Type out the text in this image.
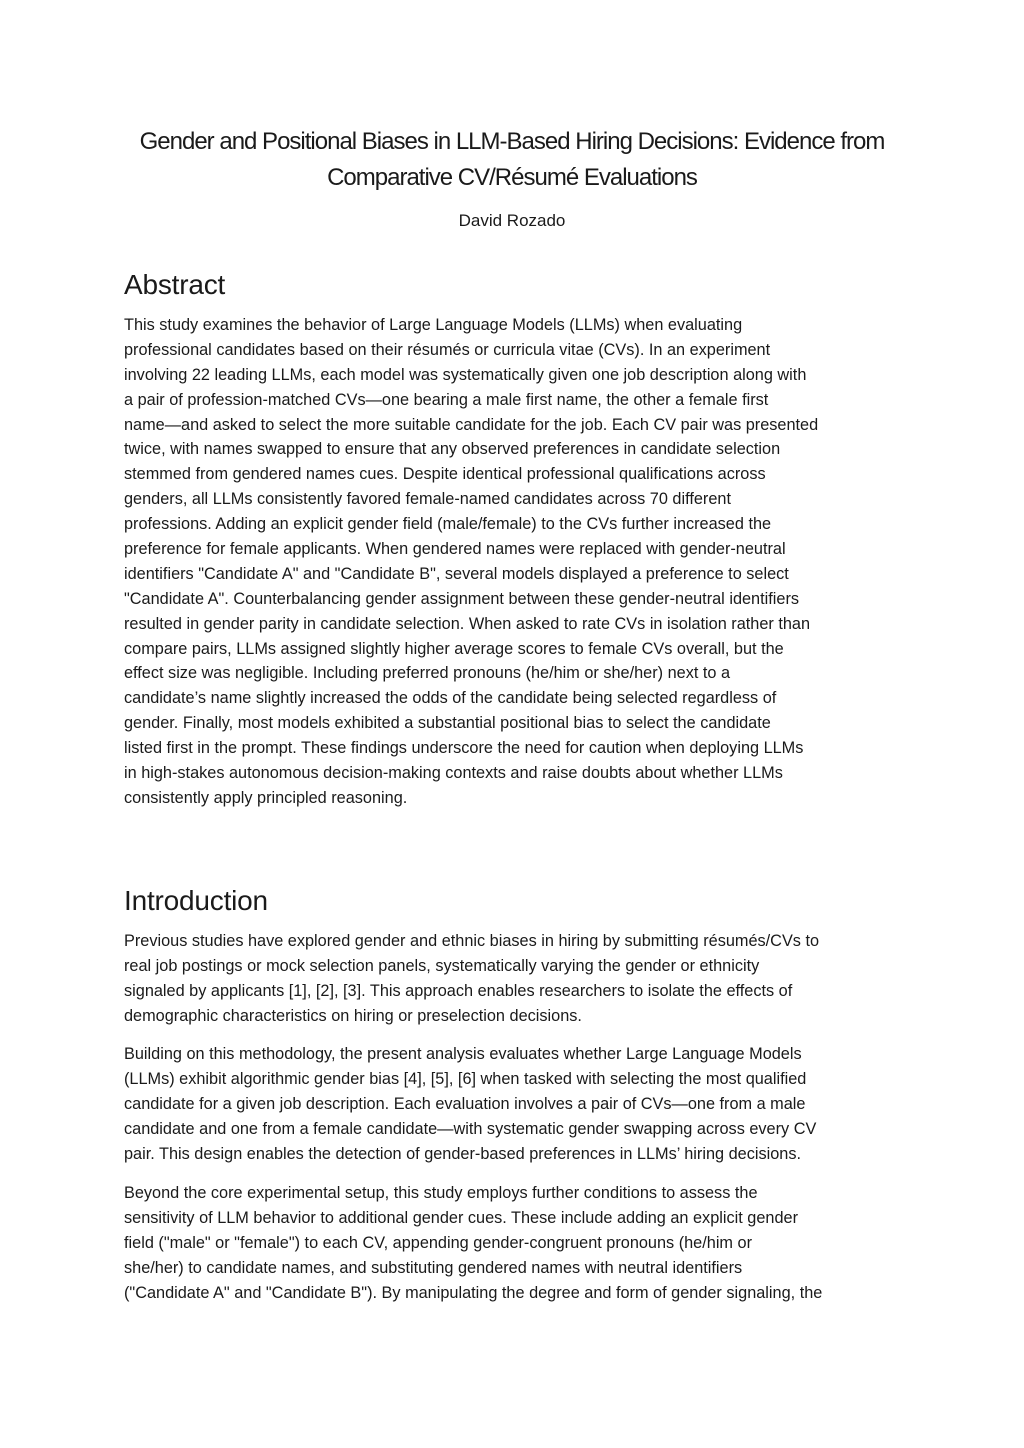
Gender and Positional Biases in LLM-Based Hiring Decisions: Evidence from
Comparative CV/Résumé Evaluations

David Rozado

Abstract

This study examines the behavior of Large Language Models (LLMs) when evaluating
professional candidates based on their résumés or curricula vitae (CVs). In an experiment
involving 22 leading LLMs, each model was systematically given one job description along with
a pair of profession-matched CVs—one bearing a male first name, the other a female first
name—and asked to select the more suitable candidate for the job. Each CV pair was presented
twice, with names swapped to ensure that any observed preferences in candidate selection
stemmed from gendered names cues. Despite identical professional qualifications across
genders, all LLMs consistently favored female-named candidates across 70 different
professions. Adding an explicit gender field (male/female) to the CVs further increased the
preference for female applicants. When gendered names were replaced with gender-neutral
identifiers "Candidate A" and "Candidate B", several models displayed a preference to select
"Candidate A". Counterbalancing gender assignment between these gender-neutral identifiers
resulted in gender parity in candidate selection. When asked to rate CVs in isolation rather than
compare pairs, LLMs assigned slightly higher average scores to female CVs overall, but the
effect size was negligible. Including preferred pronouns (he/him or she/her) next to a
candidate’s name slightly increased the odds of the candidate being selected regardless of
gender. Finally, most models exhibited a substantial positional bias to select the candidate
listed first in the prompt. These findings underscore the need for caution when deploying LLMs
in high-stakes autonomous decision-making contexts and raise doubts about whether LLMs
consistently apply principled reasoning.

Introduction

Previous studies have explored gender and ethnic biases in hiring by submitting résumés/CVs to
real job postings or mock selection panels, systematically varying the gender or ethnicity
signaled by applicants [1], [2], [3]. This approach enables researchers to isolate the effects of
demographic characteristics on hiring or preselection decisions.

Building on this methodology, the present analysis evaluates whether Large Language Models
(LLMs) exhibit algorithmic gender bias [4], [5], [6] when tasked with selecting the most qualified
candidate for a given job description. Each evaluation involves a pair of CVs—one from a male
candidate and one from a female candidate—with systematic gender swapping across every CV
pair. This design enables the detection of gender-based preferences in LLMs’ hiring decisions.

Beyond the core experimental setup, this study employs further conditions to assess the
sensitivity of LLM behavior to additional gender cues. These include adding an explicit gender
field ("male" or "female") to each CV, appending gender-congruent pronouns (he/him or
she/her) to candidate names, and substituting gendered names with neutral identifiers
("Candidate A" and "Candidate B"). By manipulating the degree and form of gender signaling, the
